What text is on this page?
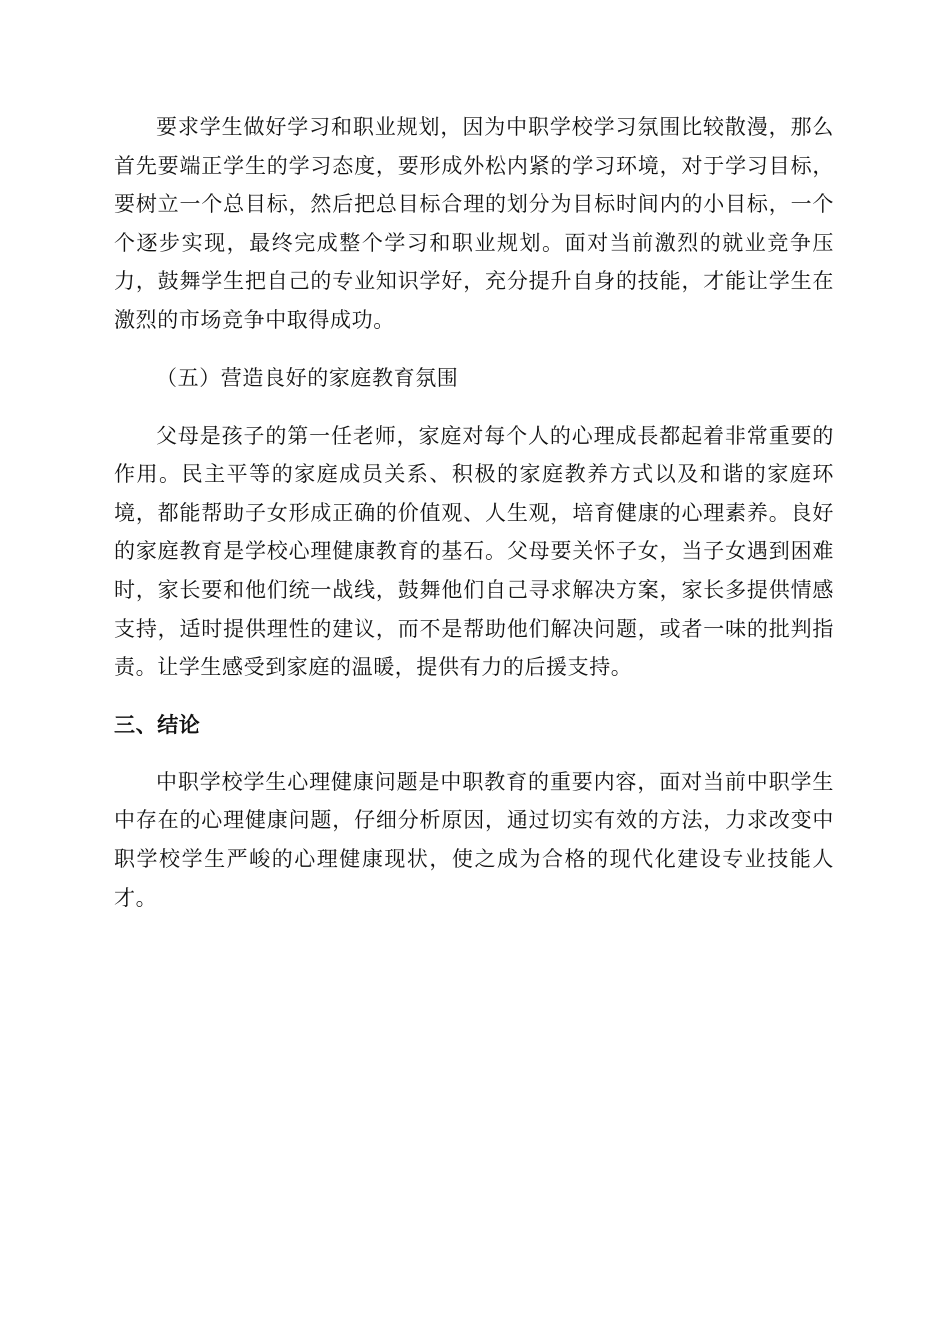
要求学生做好学习和职业规划，因为中职学校学习氛围比较散漫，那么首先要端正学生的学习态度，要形成外松内紧的学习环境，对于学习目标，要树立一个总目标，然后把总目标合理的划分为目标时间内的小目标，一个个逐步实现，最终完成整个学习和职业规划。面对当前激烈的就业竞争压力，鼓舞学生把自己的专业知识学好，充分提升自身的技能，才能让学生在激烈的市场竞争中取得成功。

（五）营造良好的家庭教育氛围

父母是孩子的第一任老师，家庭对每个人的心理成長都起着非常重要的作用。民主平等的家庭成员关系、积极的家庭教养方式以及和谐的家庭环境，都能帮助子女形成正确的价值观、人生观，培育健康的心理素养。良好的家庭教育是学校心理健康教育的基石。父母要关怀子女，当子女遇到困难时，家长要和他们统一战线，鼓舞他们自己寻求解决方案，家长多提供情感支持，适时提供理性的建议，而不是帮助他们解决问题，或者一味的批判指责。让学生感受到家庭的温暖，提供有力的后援支持。

三、结论

中职学校学生心理健康问题是中职教育的重要内容，面对当前中职学生中存在的心理健康问题，仔细分析原因，通过切实有效的方法，力求改变中职学校学生严峻的心理健康现状，使之成为合格的现代化建设专业技能人才。
